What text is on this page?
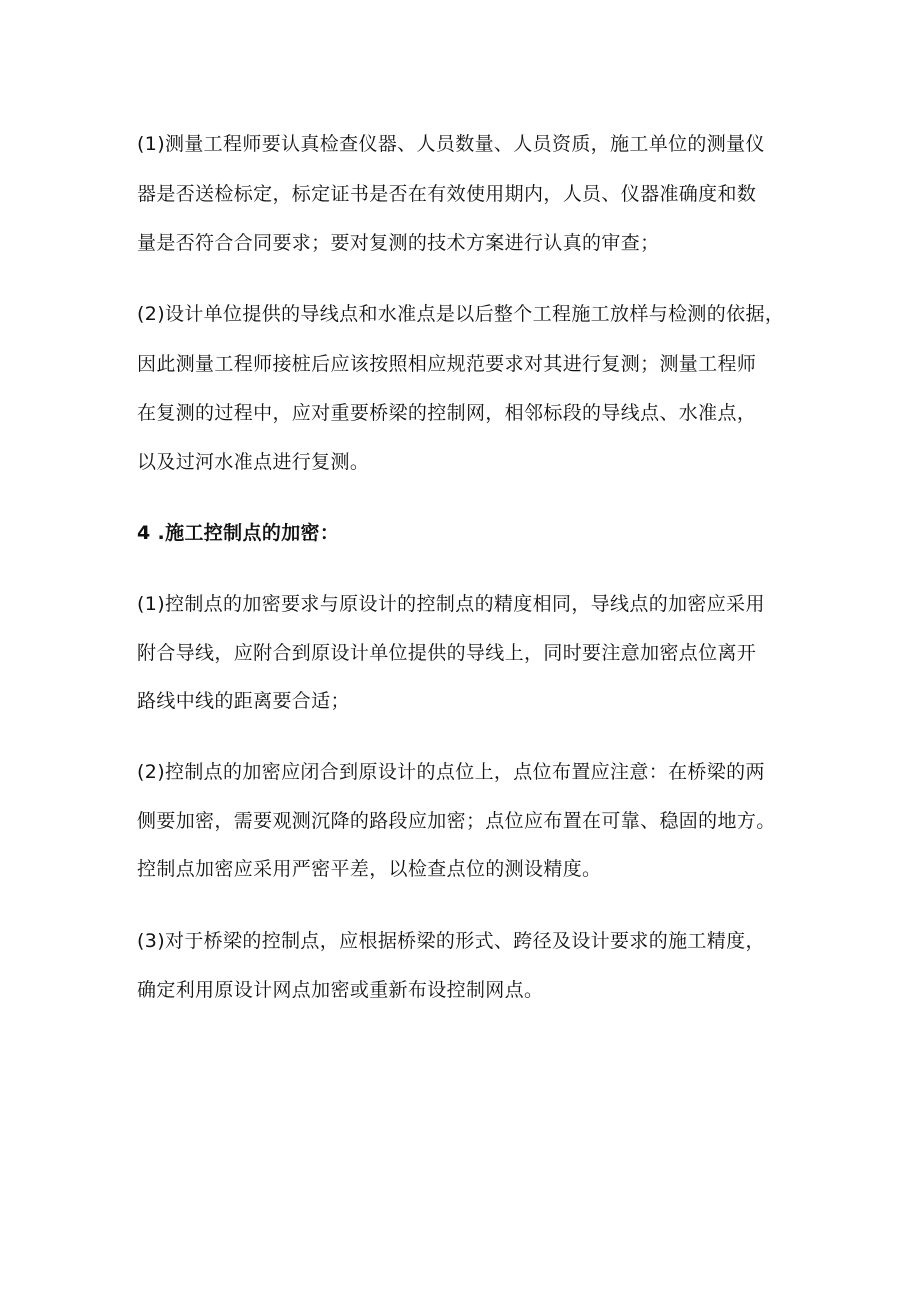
(1)测量工程师要认真检查仪器、人员数量、人员资质，施工单位的测量仪
器是否送检标定，标定证书是否在有效使用期内，人员、仪器准确度和数
量是否符合合同要求；要对复测的技术方案进行认真的审查；
(2)设计单位提供的导线点和水准点是以后整个工程施工放样与检测的依据，
因此测量工程师接桩后应该按照相应规范要求对其进行复测；测量工程师
在复测的过程中，应对重要桥梁的控制网，相邻标段的导线点、水准点，
以及过河水准点进行复测。
4 .施工控制点的加密：
(1)控制点的加密要求与原设计的控制点的精度相同，导线点的加密应采用
附合导线，应附合到原设计单位提供的导线上，同时要注意加密点位离开
路线中线的距离要合适；
(2)控制点的加密应闭合到原设计的点位上，点位布置应注意：在桥梁的两
侧要加密，需要观测沉降的路段应加密；点位应布置在可靠、稳固的地方。
控制点加密应采用严密平差，以检查点位的测设精度。
(3)对于桥梁的控制点，应根据桥梁的形式、跨径及设计要求的施工精度，
确定利用原设计网点加密或重新布设控制网点。
